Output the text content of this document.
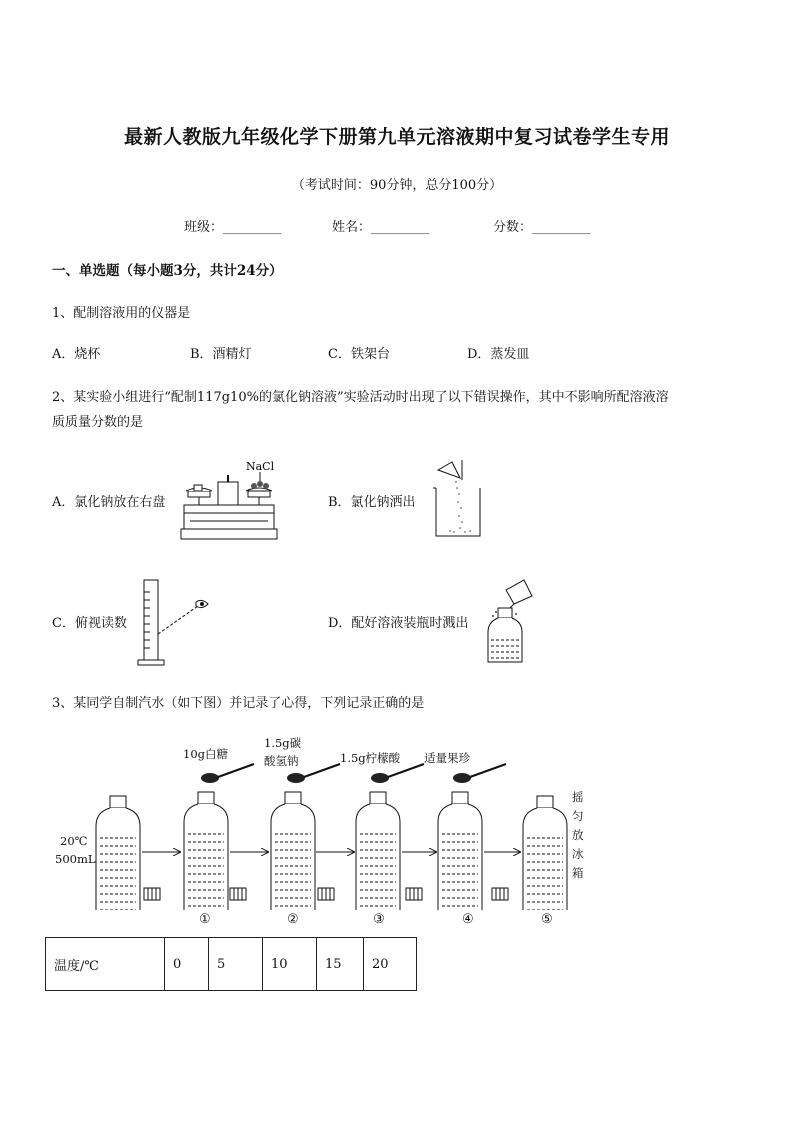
最新人教版九年级化学下册第九单元溶液期中复习试卷学生专用
（考试时间：90分钟，总分100分）
班级：_________	姓名：_________	分数：_________
一、单选题（每小题3分，共计24分）
1、配制溶液用的仪器是
A．烧杯	B．酒精灯	C．铁架台	D．蒸发皿
2、某实验小组进行“配制117g10%的氯化钠溶液”实验活动时出现了以下错误操作，其中不影响所配溶液溶
质质量分数的是
A．氯化钠放在右盘	B．氯化钠洒出
C．俯视读数	D．配好溶液装瓶时溅出
NaCl
3、某同学自制汽水（如下图）并记录了心得，下列记录正确的是
10g白糖
1.5g碳
酸氢钠	1.5g柠檬酸 适量果珍
20℃
500mL
摇
匀
放
冰
箱
①	②	③	④	⑤
温度/℃	0	5	10	15	20
